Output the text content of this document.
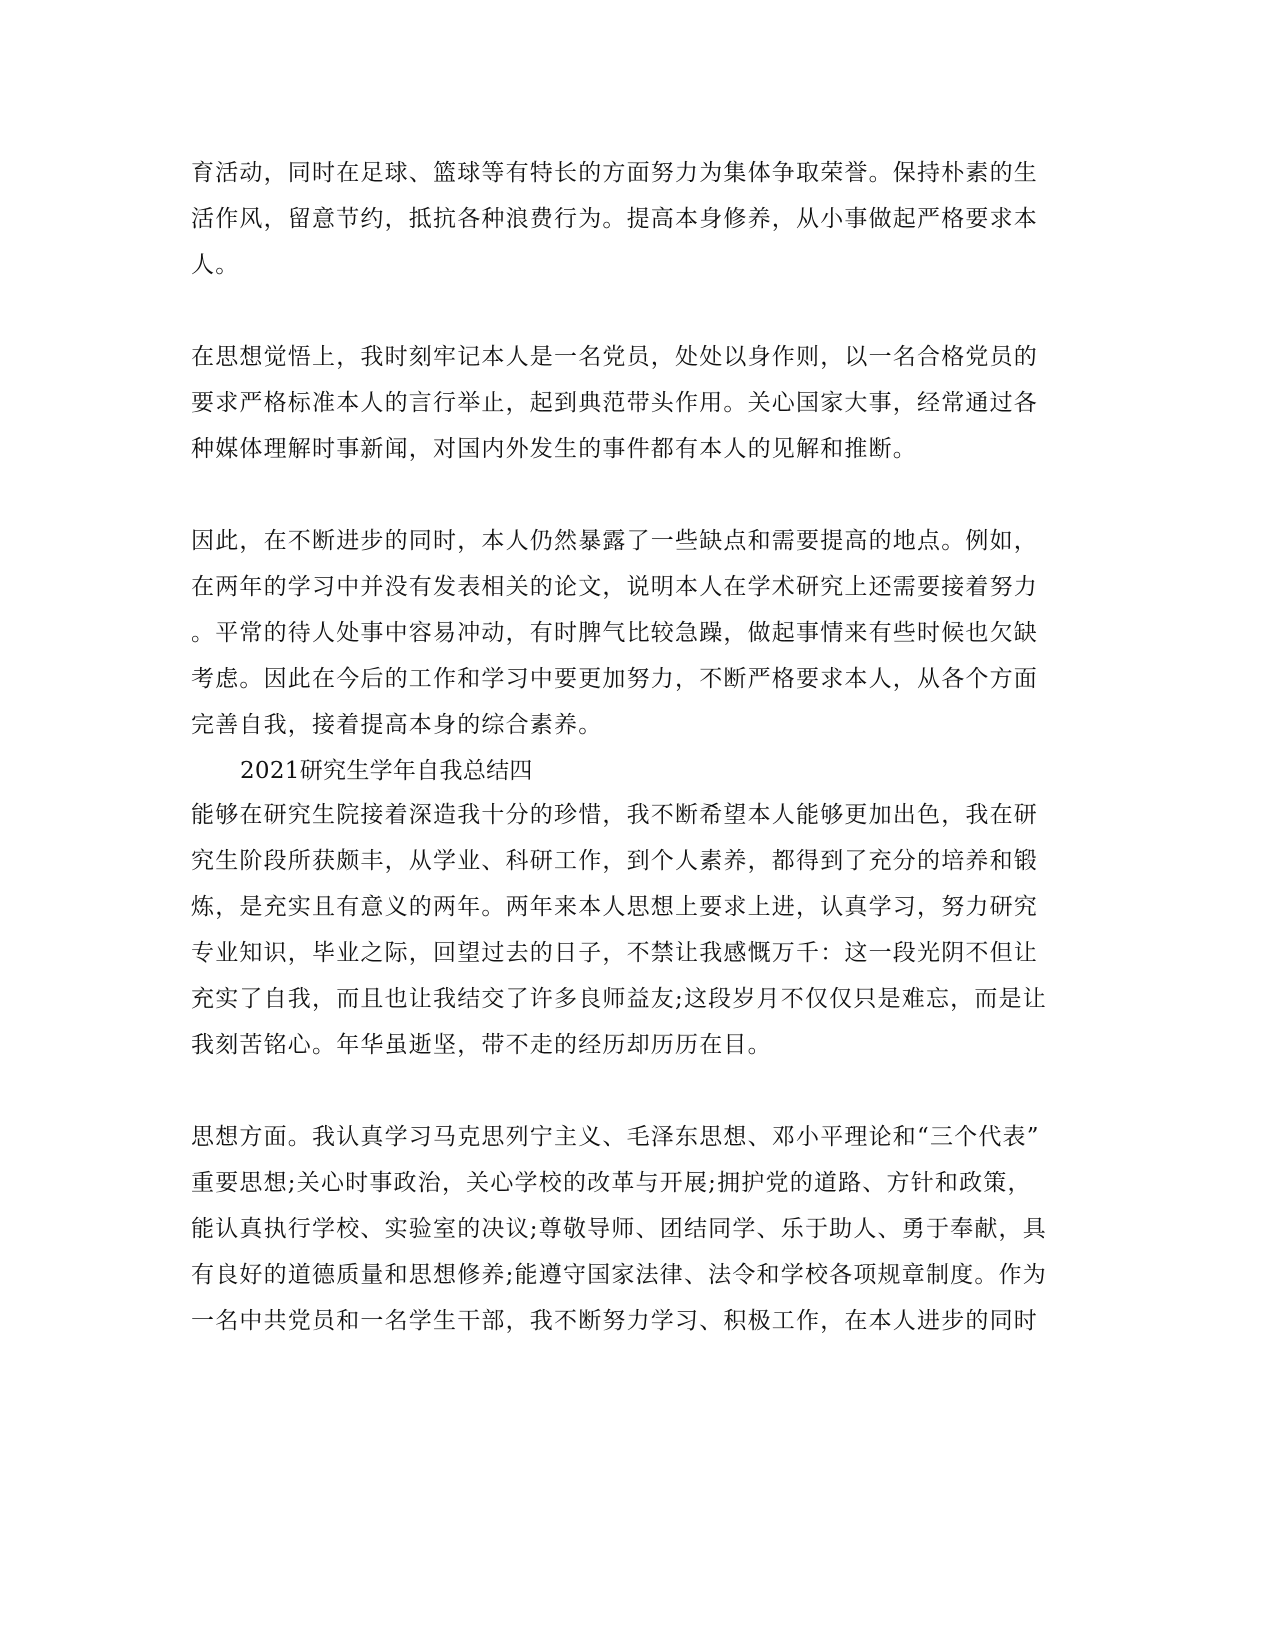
育活动，同时在足球、篮球等有特长的方面努力为集体争取荣誉。保持朴素的生

活作风，留意节约，抵抗各种浪费行为。提高本身修养，从小事做起严格要求本

人。

在思想觉悟上，我时刻牢记本人是一名党员，处处以身作则，以一名合格党员的

要求严格标准本人的言行举止，起到典范带头作用。关心国家大事，经常通过各

种媒体理解时事新闻，对国内外发生的事件都有本人的见解和推断。

因此，在不断进步的同时，本人仍然暴露了一些缺点和需要提高的地点。例如，

在两年的学习中并没有发表相关的论文，说明本人在学术研究上还需要接着努力

。平常的待人处事中容易冲动，有时脾气比较急躁，做起事情来有些时候也欠缺

考虑。因此在今后的工作和学习中要更加努力，不断严格要求本人，从各个方面

完善自我，接着提高本身的综合素养。

2021研究生学年自我总结四

能够在研究生院接着深造我十分的珍惜，我不断希望本人能够更加出色，我在研

究生阶段所获颇丰，从学业、科研工作，到个人素养，都得到了充分的培养和锻

炼，是充实且有意义的两年。两年来本人思想上要求上进，认真学习，努力研究

专业知识，毕业之际，回望过去的日子，不禁让我感慨万千：这一段光阴不但让

充实了自我，而且也让我结交了许多良师益友;这段岁月不仅仅只是难忘，而是让

我刻苦铭心。年华虽逝坚，带不走的经历却历历在目。

思想方面。我认真学习马克思列宁主义、毛泽东思想、邓小平理论和“三个代表”

重要思想;关心时事政治，关心学校的改革与开展;拥护党的道路、方针和政策，

能认真执行学校、实验室的决议;尊敬导师、团结同学、乐于助人、勇于奉献，具

有良好的道德质量和思想修养;能遵守国家法律、法令和学校各项规章制度。作为

一名中共党员和一名学生干部，我不断努力学习、积极工作，在本人进步的同时
